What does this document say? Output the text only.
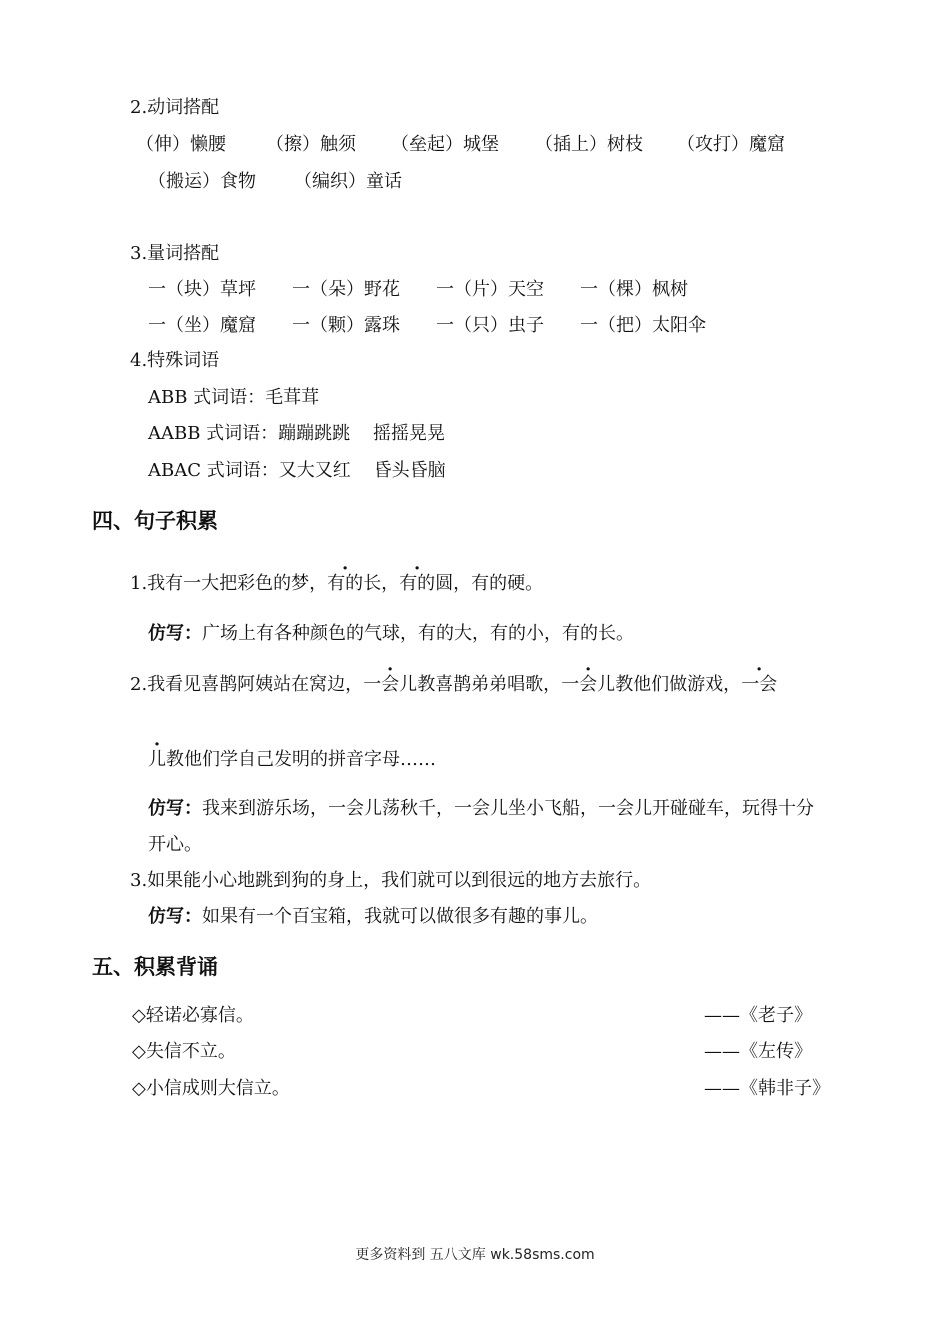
2.动词搭配
（伸）懒腰	（擦）触须	（垒起）城堡	（插上）树枝	（攻打）魔窟
（搬运）食物	（编织）童话
3.量词搭配
一（块）草坪	一（朵）野花	一（片）天空	一（棵）枫树
一（坐）魔窟	一（颗）露珠	一（只）虫子	一（把）太阳伞
4.特殊词语
ABB 式词语：毛茸茸
AABB 式词语：蹦蹦跳跳    摇摇晃晃
ABAC 式词语：又大又红    昏头昏脑
四、句子积累
1.我有一大把彩色的梦， · 有的 长， · 有的 圆，有的硬。
仿写： 广场上有各种颜色的气球，有的大，有的小，有的长。
2.我看见喜鹊阿姨站在窝边， · 一会儿 教喜鹊弟弟唱歌， · 一会儿 教他们做游戏， · 一会
· 儿 教他们学自己发明的拼音字母……
仿写： 我来到游乐场，一会儿荡秋千，一会儿坐小飞船，一会儿开碰碰车，玩得十分
开心。
3.如果能小心地跳到狗的身上，我们就可以到很远的地方去旅行。
仿写： 如果有一个百宝箱，我就可以做很多有趣的事儿。
五、积累背诵
◇轻诺必寡信。	——《老子》
◇失信不立。	——《左传》
◇小信成则大信立。	——《韩非子》
更多资料到 五八文库 wk.58sms.com
